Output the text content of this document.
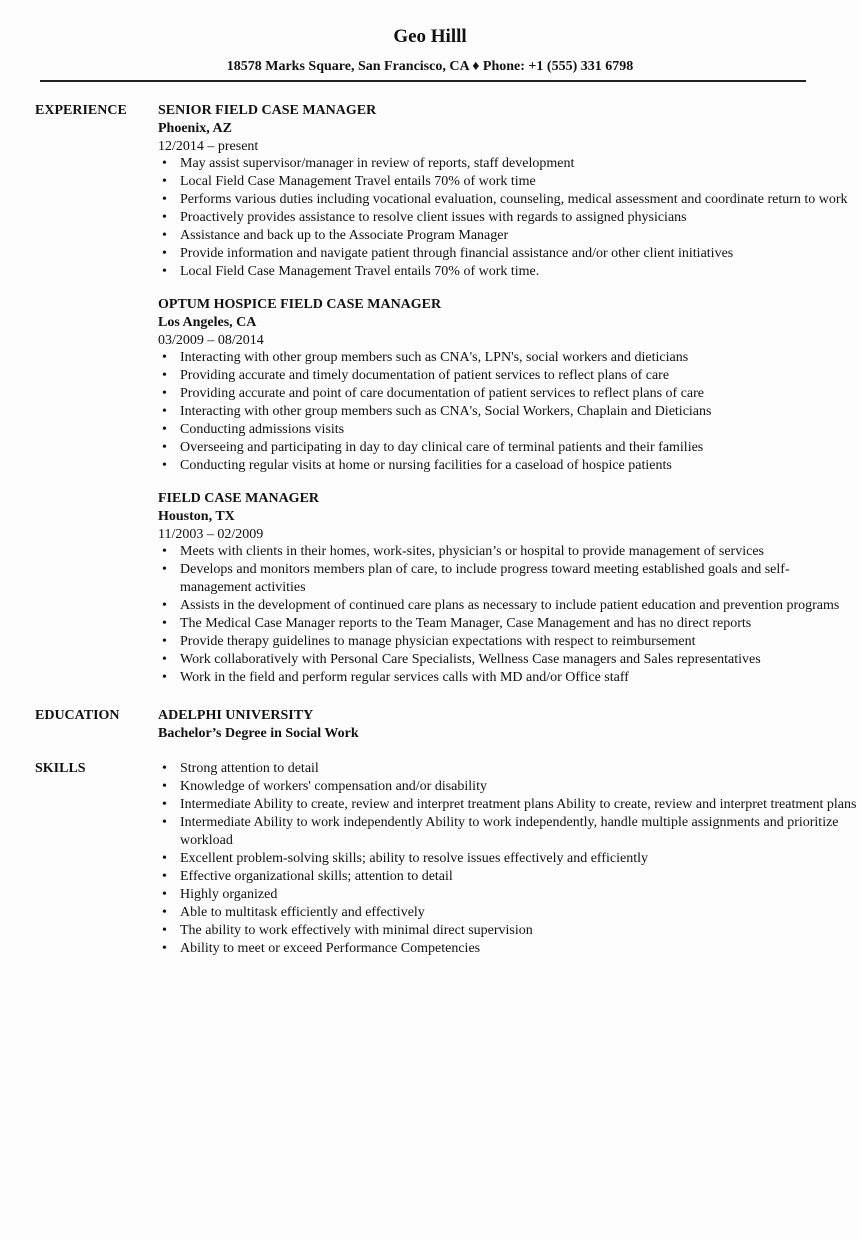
Geo Hilll
18578 Marks Square, San Francisco, CA ♦ Phone: +1 (555) 331 6798
EXPERIENCE	SENIOR FIELD CASE MANAGER
Phoenix, AZ
12/2014 – present
• May assist supervisor/manager in review of reports, staff development
• Local Field Case Management Travel entails 70% of work time
• Performs various duties including vocational evaluation, counseling, medical assessment and coordinate return to work
• Proactively provides assistance to resolve client issues with regards to assigned physicians
• Assistance and back up to the Associate Program Manager
• Provide information and navigate patient through financial assistance and/or other client initiatives
• Local Field Case Management Travel entails 70% of work time.
OPTUM HOSPICE FIELD CASE MANAGER
Los Angeles, CA
03/2009 – 08/2014
• Interacting with other group members such as CNA's, LPN's, social workers and dieticians
• Providing accurate and timely documentation of patient services to reflect plans of care
• Providing accurate and point of care documentation of patient services to reflect plans of care
• Interacting with other group members such as CNA's, Social Workers, Chaplain and Dieticians
• Conducting admissions visits
• Overseeing and participating in day to day clinical care of terminal patients and their families
• Conducting regular visits at home or nursing facilities for a caseload of hospice patients
FIELD CASE MANAGER
Houston, TX
11/2003 – 02/2009
• Meets with clients in their homes, work-sites, physician’s or hospital to provide management of services
• Develops and monitors members plan of care, to include progress toward meeting established goals and self-management activities
• Assists in the development of continued care plans as necessary to include patient education and prevention programs
• The Medical Case Manager reports to the Team Manager, Case Management and has no direct reports
• Provide therapy guidelines to manage physician expectations with respect to reimbursement
• Work collaboratively with Personal Care Specialists, Wellness Case managers and Sales representatives
• Work in the field and perform regular services calls with MD and/or Office staff
EDUCATION	ADELPHI UNIVERSITY
Bachelor’s Degree in Social Work
SKILLS
•	Strong attention to detail
• Knowledge of workers' compensation and/or disability
• Intermediate Ability to create, review and interpret treatment plans Ability to create, review and interpret treatment plans
• Intermediate Ability to work independently Ability to work independently, handle multiple assignments and prioritize workload
• Excellent problem-solving skills; ability to resolve issues effectively and efficiently
• Effective organizational skills; attention to detail
• Highly organized
• Able to multitask efficiently and effectively
• The ability to work effectively with minimal direct supervision
• Ability to meet or exceed Performance Competencies
